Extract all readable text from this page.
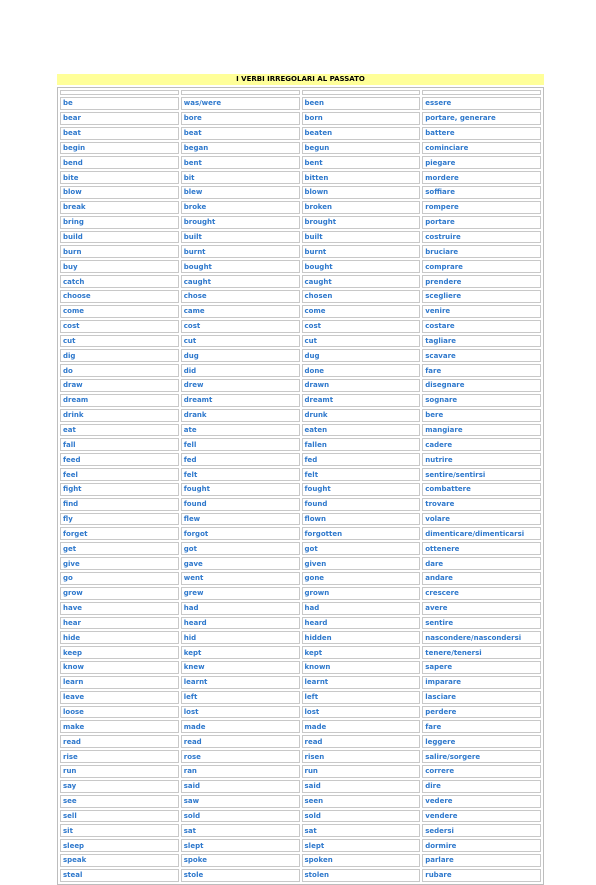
I VERBI IRREGOLARI AL PASSATO

be	was/were	been	essere
bear	bore	born	portare, generare
beat	beat	beaten	battere
begin	began	begun	cominciare
bend	bent	bent	piegare
bite	bit	bitten	mordere
blow	blew	blown	soffiare
break	broke	broken	rompere
bring	brought	brought	portare
build	built	built	costruire
burn	burnt	burnt	bruciare
buy	bought	bought	comprare
catch	caught	caught	prendere
choose	chose	chosen	scegliere
come	came	come	venire
cost	cost	cost	costare
cut	cut	cut	tagliare
dig	dug	dug	scavare
do	did	done	fare
draw	drew	drawn	disegnare
dream	dreamt	dreamt	sognare
drink	drank	drunk	bere
eat	ate	eaten	mangiare
fall	fell	fallen	cadere
feed	fed	fed	nutrire
feel	felt	felt	sentire/sentirsi
fight	fought	fought	combattere
find	found	found	trovare
fly	flew	flown	volare
forget	forgot	forgotten	dimenticare/dimenticarsi
get	got	got	ottenere
give	gave	given	dare
go	went	gone	andare
grow	grew	grown	crescere
have	had	had	avere
hear	heard	heard	sentire
hide	hid	hidden	nascondere/nascondersi
keep	kept	kept	tenere/tenersi
know	knew	known	sapere
learn	learnt	learnt	imparare
leave	left	left	lasciare
loose	lost	lost	perdere
make	made	made	fare
read	read	read	leggere
rise	rose	risen	salire/sorgere
run	ran	run	correre
say	said	said	dire
see	saw	seen	vedere
sell	sold	sold	vendere
sit	sat	sat	sedersi
sleep	slept	slept	dormire
speak	spoke	spoken	parlare
steal	stole	stolen	rubare
